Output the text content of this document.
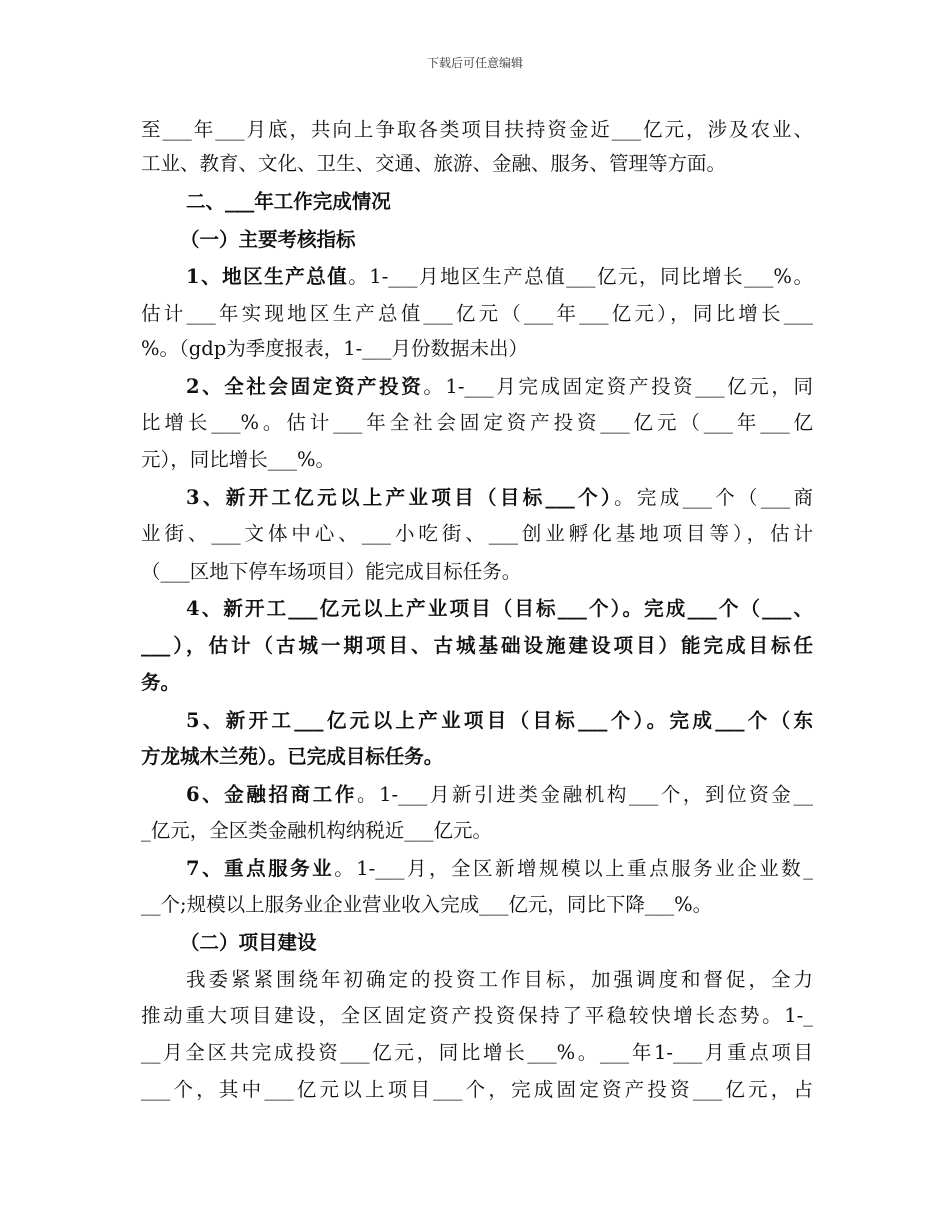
下载后可任意编辑
至___年___月底，共向上争取各类项目扶持资金近___亿元，涉及农业、
工业、教育、文化、卫生、交通、旅游、金融、服务、管理等方面。
二、___年工作完成情况
（一）主要考核指标
1、地区生产总值。1-___月地区生产总值___亿元，同比增长___%。
估计___年实现地区生产总值___亿元（___年___亿元），同比增长___
%。（gdp为季度报表，1-___月份数据未出）
2、全社会固定资产投资。1-___月完成固定资产投资___亿元，同
比增长___%。估计___年全社会固定资产投资___亿元（___年___亿
元），同比增长___%。
3、新开工亿元以上产业项目（目标___个）。完成___个（___商
业街、___文体中心、___小吃街、___创业孵化基地项目等），估计
（___区地下停车场项目）能完成目标任务。
4、新开工___亿元以上产业项目（目标___个）。完成___个（___、
___），估计（古城一期项目、古城基础设施建设项目）能完成目标任
务。
5、新开工___亿元以上产业项目（目标___个）。完成___个（东
方龙城木兰苑）。已完成目标任务。
6、金融招商工作。1-___月新引进类金融机构___个，到位资金__
_亿元，全区类金融机构纳税近___亿元。
7、重点服务业。1-___月，全区新增规模以上重点服务业企业数_
__个;规模以上服务业企业营业收入完成___亿元，同比下降___%。
（二）项目建设
我委紧紧围绕年初确定的投资工作目标，加强调度和督促，全力
推动重大项目建设，全区固定资产投资保持了平稳较快增长态势。1-_
__月全区共完成投资___亿元，同比增长___%。___年1-___月重点项目
___个，其中___亿元以上项目___个，完成固定资产投资___亿元，占
